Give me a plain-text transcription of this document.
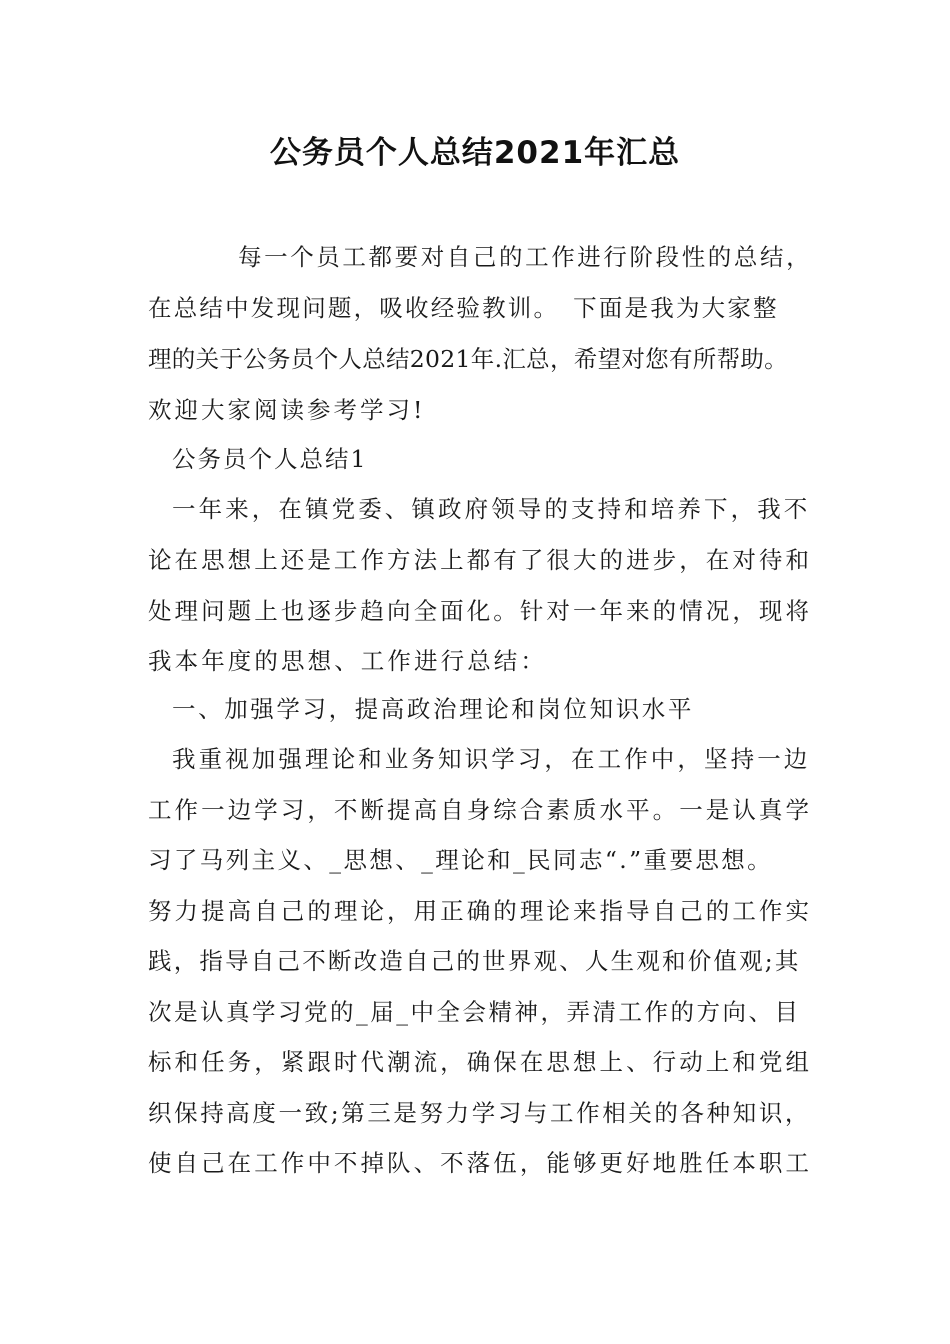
公务员个人总结2021年汇总
每一个员工都要对自己的工作进行阶段性的总结，
在总结中发现问题，吸收经验教训。　下面是我为大家整
理的关于公务员个人总结2021年.汇总，希望对您有所帮助。
欢迎大家阅读参考学习!
公务员个人总结1
一年来，在镇党委、镇政府领导的支持和培养下，我不
论在思想上还是工作方法上都有了很大的进步，在对待和
处理问题上也逐步趋向全面化。针对一年来的情况，现将
我本年度的思想、工作进行总结：
一、加强学习，提高政治理论和岗位知识水平
我重视加强理论和业务知识学习，在工作中，坚持一边
工作一边学习，不断提高自身综合素质水平。一是认真学
习了马列主义、_思想、_理论和_民同志“.”重要思想。
努力提高自己的理论，用正确的理论来指导自己的工作实
践，指导自己不断改造自己的世界观、人生观和价值观;其
次是认真学习党的_届_中全会精神，弄清工作的方向、目
标和任务，紧跟时代潮流，确保在思想上、行动上和党组
织保持高度一致;第三是努力学习与工作相关的各种知识，
使自己在工作中不掉队、不落伍，能够更好地胜任本职工
